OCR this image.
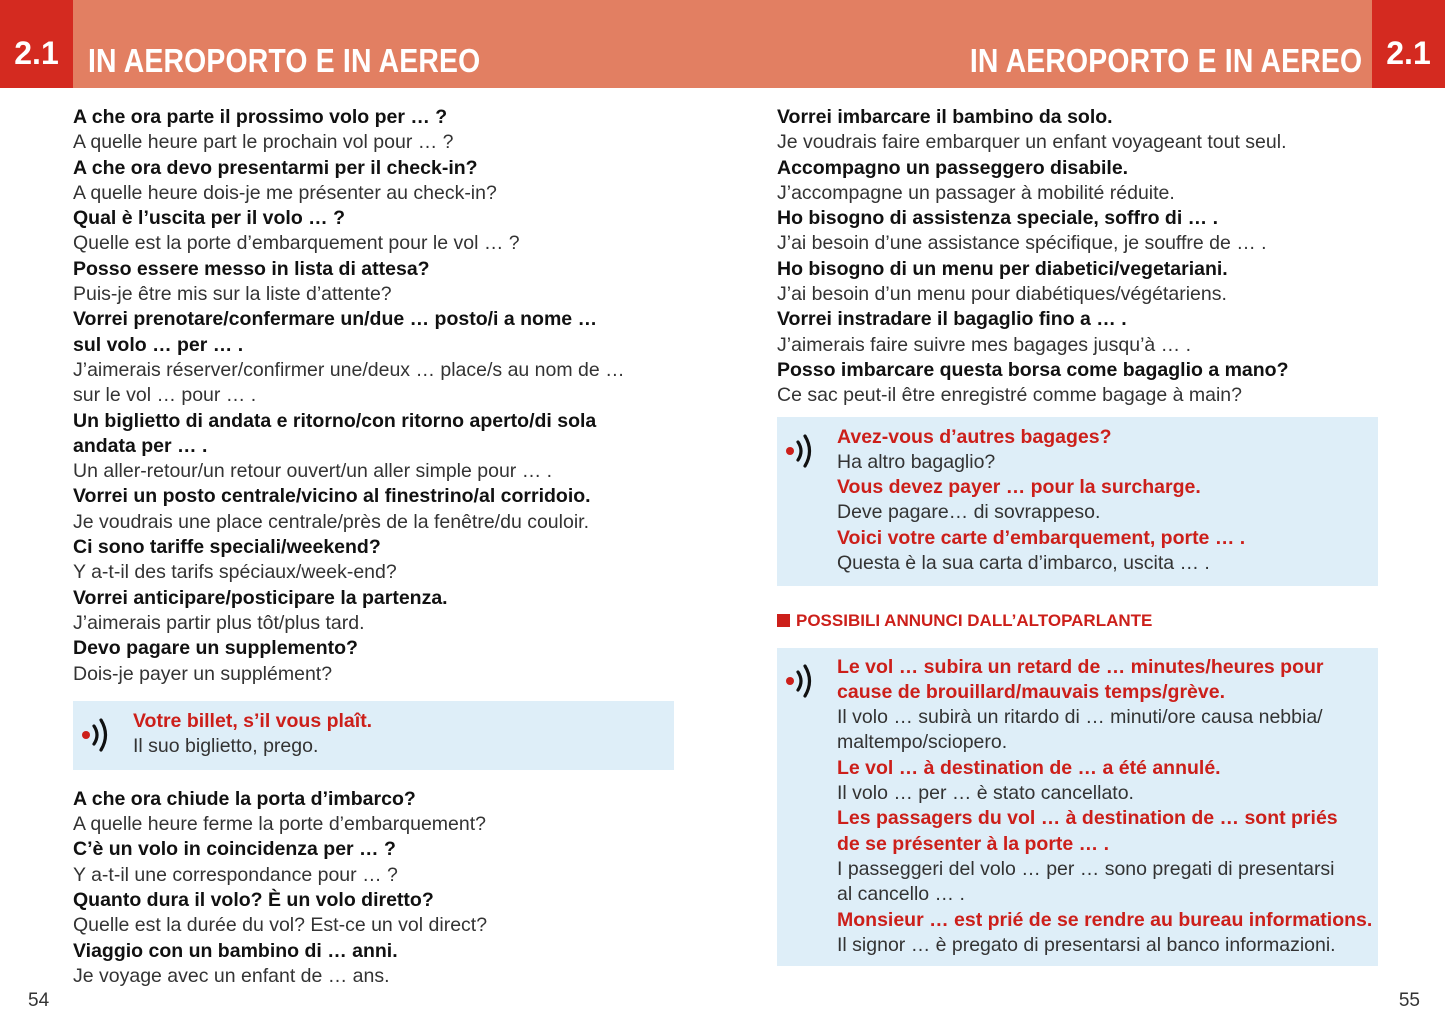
2.1 IN AEROPORTO E IN AEREO	IN AEROPORTO E IN AEREO 2.1
A che ora parte il prossimo volo per … ?
A quelle heure part le prochain vol pour … ?
A che ora devo presentarmi per il check-in?
A quelle heure dois-je me présenter au check-in?
Qual è l’uscita per il volo … ?
Quelle est la porte d’embarquement pour le vol … ?
Posso essere messo in lista di attesa?
Puis-je être mis sur la liste d’attente?
Vorrei prenotare/confermare un/due … posto/i a nome …
sul volo … per … .
J’aimerais réserver/confirmer une/deux … place/s au nom de …
sur le vol … pour … .
Un biglietto di andata e ritorno/con ritorno aperto/di sola
andata per … .
Un aller-retour/un retour ouvert/un aller simple pour … .
Vorrei un posto centrale/vicino al finestrino/al corridoio.
Je voudrais une place centrale/près de la fenêtre/du couloir.
Ci sono tariffe speciali/weekend?
Y a-t-il des tarifs spéciaux/week-end?
Vorrei anticipare/posticipare la partenza.
J’aimerais partir plus tôt/plus tard.
Devo pagare un supplemento?
Dois-je payer un supplément?
Votre billet, s’il vous plaît.
Il suo biglietto, prego.
A che ora chiude la porta d’imbarco?
A quelle heure ferme la porte d’embarquement?
C’è un volo in coincidenza per … ?
Y a-t-il une correspondance pour … ?
Quanto dura il volo? È un volo diretto?
Quelle est la durée du vol? Est-ce un vol direct?
Viaggio con un bambino di … anni.
Je voyage avec un enfant de … ans.
54
Vorrei imbarcare il bambino da solo.
Je voudrais faire embarquer un enfant voyageant tout seul.
Accompagno un passeggero disabile.
J’accompagne un passager à mobilité réduite.
Ho bisogno di assistenza speciale, soffro di … .
J’ai besoin d’une assistance spécifique, je souffre de … .
Ho bisogno di un menu per diabetici/vegetariani.
J’ai besoin d’un menu pour diabétiques/végétariens.
Vorrei instradare il bagaglio fino a … .
J’aimerais faire suivre mes bagages jusqu’à … .
Posso imbarcare questa borsa come bagaglio a mano?
Ce sac peut-il être enregistré comme bagage à main?
Avez-vous d’autres bagages?
Ha altro bagaglio?
Vous devez payer … pour la surcharge.
Deve pagare… di sovrappeso.
Voici votre carte d’embarquement, porte … .
Questa è la sua carta d’imbarco, uscita … .
POSSIBILI ANNUNCI DALL’ALTOPARLANTE
Le vol … subira un retard de … minutes/heures pour
cause de brouillard/mauvais temps/grève.
Il volo … subirà un ritardo di … minuti/ore causa nebbia/
maltempo/sciopero.
Le vol … à destination de … a été annulé.
Il volo … per … è stato cancellato.
Les passagers du vol … à destination de … sont priés
de se présenter à la porte … .
I passeggeri del volo … per … sono pregati di presentarsi
al cancello … .
Monsieur … est prié de se rendre au bureau informations.
Il signor … è pregato di presentarsi al banco informazioni.
55
